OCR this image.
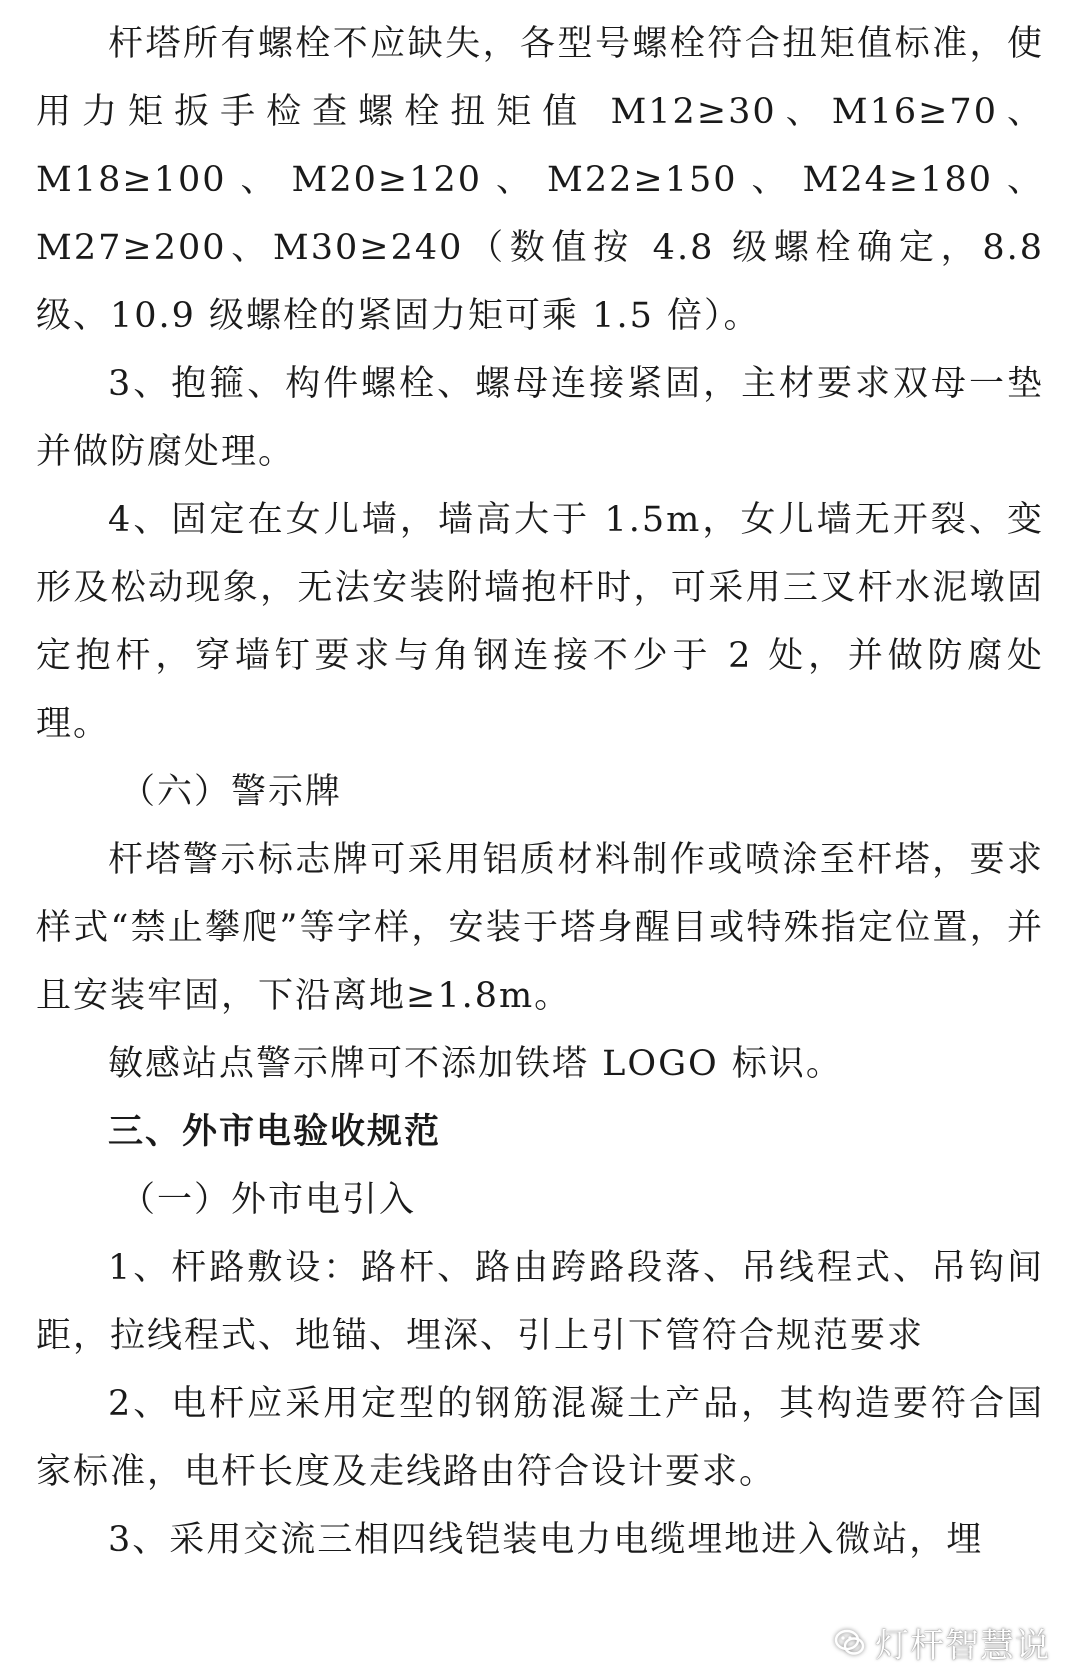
杆塔所有螺栓不应缺失，各型号螺栓符合扭矩值标准，使用力矩扳手检查螺栓扭矩值 M12≥30、M16≥70、M18≥100、M20≥120、M22≥150、M24≥180、M27≥200、M30≥240（数值按 4.8 级螺栓确定，8.8 级、10.9 级螺栓的紧固力矩可乘 1.5 倍）。

3、抱箍、构件螺栓、螺母连接紧固，主材要求双母一垫并做防腐处理。

4、固定在女儿墙，墙高大于 1.5m，女儿墙无开裂、变形及松动现象，无法安装附墙抱杆时，可采用三叉杆水泥墩固定抱杆，穿墙钉要求与角钢连接不少于 2 处，并做防腐处理。

（六）警示牌

杆塔警示标志牌可采用铝质材料制作或喷涂至杆塔，要求样式“禁止攀爬”等字样，安装于塔身醒目或特殊指定位置，并且安装牢固，下沿离地≥1.8m。

敏感站点警示牌可不添加铁塔 LOGO 标识。

三、外市电验收规范

（一）外市电引入

1、杆路敷设：路杆、路由跨路段落、吊线程式、吊钩间距，拉线程式、地锚、埋深、引上引下管符合规范要求

2、电杆应采用定型的钢筋混凝土产品，其构造要符合国家标准，电杆长度及走线路由符合设计要求。

3、采用交流三相四线铠装电力电缆埋地进入微站，埋

灯杆智慧说
